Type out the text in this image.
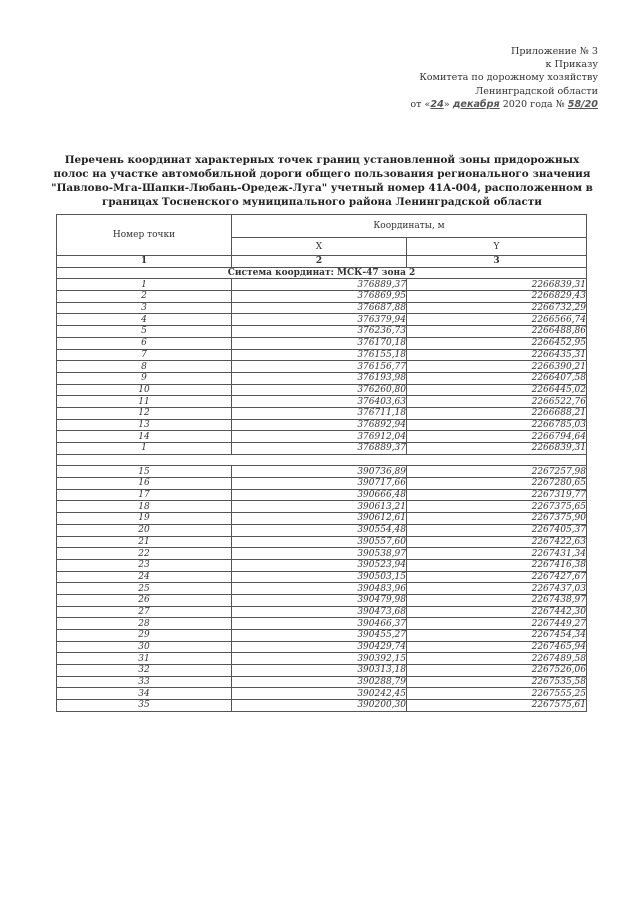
Приложение № 3
к Приказу
Комитета по дорожному хозяйству
Ленинградской области
от «24» декабря 2020 года № 58/20
Перечень координат характерных точек границ установленной зоны придорожных полос на участке автомобильной дороги общего пользования регионального значения "Павлово-Мга-Шапки-Любань-Оредеж-Луга" учетный номер 41А-004, расположенном в границах Тосненского муниципального района Ленинградской области
Номер точки	Координаты, м	
	X	Y
1	2	3
Система координат: МСК-47 зона 2		
1	376889,37	2266839,31
2	376869,95	2266829,43
3	376687,88	2266732,29
4	376379,94	2266566,74
5	376236,73	2266488,86
6	376170,18	2266452,95
7	376155,18	2266435,31
8	376156,77	2266390,21
9	376193,98	2266407,58
10	376260,80	2266445,02
11	376403,63	2266522,76
12	376711,18	2266688,21
13	376892,94	2266785,03
14	376912,04	2266794,64
1	376889,37	2266839,31

15	390736,89	2267257,98
16	390717,66	2267280,65
17	390666,48	2267319,77
18	390613,21	2267375,65
19	390612,61	2267375,90
20	390554,48	2267405,37
21	390557,60	2267422,63
22	390538,97	2267431,34
23	390523,94	2267416,38
24	390503,15	2267427,67
25	390483,96	2267437,03
26	390479,98	2267438,97
27	390473,68	2267442,30
28	390466,37	2267449,27
29	390455,27	2267454,34
30	390429,74	2267465,94
31	390392,15	2267489,58
32	390313,18	2267526,06
33	390288,79	2267535,58
34	390242,45	2267555,25
35	390200,30	2267575,61
